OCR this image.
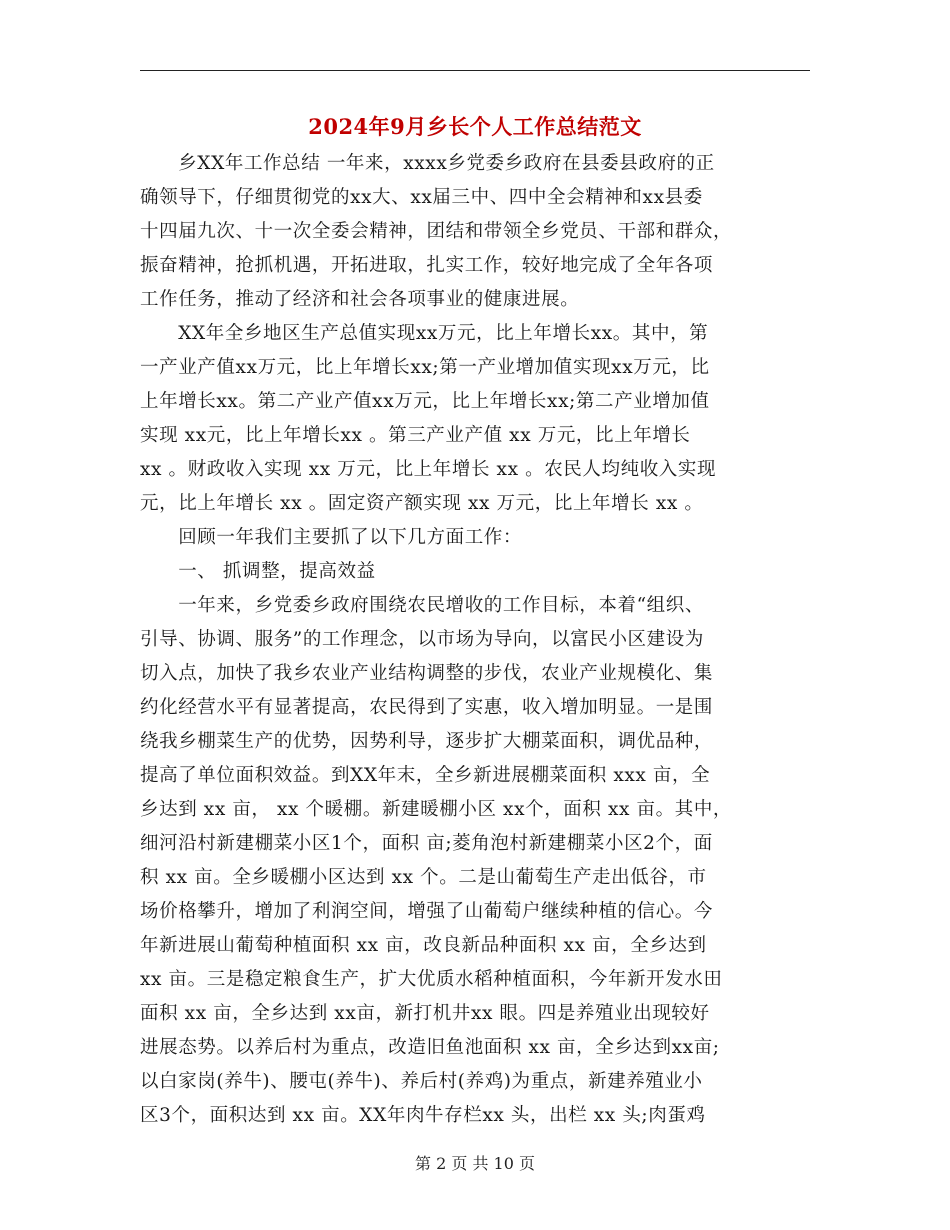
2024年9月乡长个人工作总结范文
　　乡XX年工作总结 一年来，xxxx乡党委乡政府在县委县政府的正
确领导下，仔细贯彻党的xx大、xx届三中、四中全会精神和xx县委
十四届九次、十一次全委会精神，团结和带领全乡党员、干部和群众，
振奋精神，抢抓机遇，开拓进取，扎实工作，较好地完成了全年各项
工作任务，推动了经济和社会各项事业的健康进展。
　　XX年全乡地区生产总值实现xx万元，比上年增长xx。其中，第
一产业产值xx万元，比上年增长xx;第一产业增加值实现xx万元，比
上年增长xx。第二产业产值xx万元，比上年增长xx;第二产业增加值
实现 xx元，比上年增长xx 。第三产业产值 xx 万元，比上年增长
xx 。财政收入实现 xx 万元，比上年增长 xx 。农民人均纯收入实现
元，比上年增长 xx 。固定资产额实现 xx 万元，比上年增长 xx 。
　　回顾一年我们主要抓了以下几方面工作：
　　一、 抓调整，提高效益
　　一年来，乡党委乡政府围绕农民增收的工作目标，本着“组织、
引导、协调、服务”的工作理念，以市场为导向，以富民小区建设为
切入点，加快了我乡农业产业结构调整的步伐，农业产业规模化、集
约化经营水平有显著提高，农民得到了实惠，收入增加明显。一是围
绕我乡棚菜生产的优势，因势利导，逐步扩大棚菜面积，调优品种，
提高了单位面积效益。到XX年末，全乡新进展棚菜面积 xxx 亩，全
乡达到 xx 亩， xx 个暖棚。新建暖棚小区 xx个，面积 xx 亩。其中，
细河沿村新建棚菜小区1个，面积 亩;菱角泡村新建棚菜小区2个，面
积 xx 亩。全乡暖棚小区达到 xx 个。二是山葡萄生产走出低谷，市
场价格攀升，增加了利润空间，增强了山葡萄户继续种植的信心。今
年新进展山葡萄种植面积 xx 亩，改良新品种面积 xx 亩，全乡达到
xx 亩。三是稳定粮食生产，扩大优质水稻种植面积，今年新开发水田
面积 xx 亩，全乡达到 xx亩，新打机井xx 眼。四是养殖业出现较好
进展态势。以养后村为重点，改造旧鱼池面积 xx 亩，全乡达到xx亩;
以白家岗(养牛)、腰屯(养牛)、养后村(养鸡)为重点，新建养殖业小
区3个，面积达到 xx 亩。XX年肉牛存栏xx 头，出栏 xx 头;肉蛋鸡
第 2 页 共 10 页
